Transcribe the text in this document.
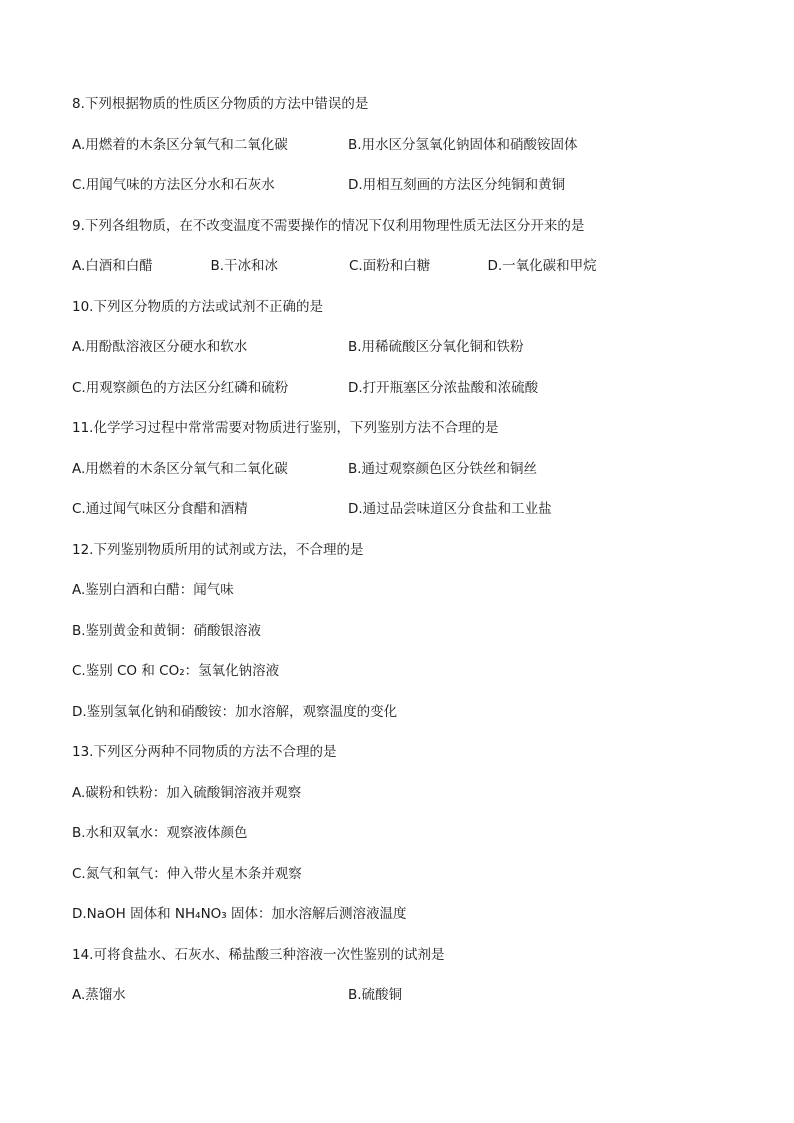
8.下列根据物质的性质区分物质的方法中错误的是
A.用燃着的木条区分氧气和二氧化碳	B.用水区分氢氧化钠固体和硝酸铵固体
C.用闻气味的方法区分水和石灰水	D.用相互刻画的方法区分纯铜和黄铜
9.下列各组物质，在不改变温度不需要操作的情况下仅利用物理性质无法区分开来的是
A.白酒和白醋	B.干冰和冰	C.面粉和白糖	D.一氧化碳和甲烷
10.下列区分物质的方法或试剂不正确的是
A.用酚酞溶液区分硬水和软水	B.用稀硫酸区分氧化铜和铁粉
C.用观察颜色的方法区分红磷和硫粉	D.打开瓶塞区分浓盐酸和浓硫酸
11.化学学习过程中常常需要对物质进行鉴别，下列鉴别方法不合理的是
A.用燃着的木条区分氧气和二氧化碳	B.通过观察颜色区分铁丝和铜丝
C.通过闻气味区分食醋和酒精	D.通过品尝味道区分食盐和工业盐
12.下列鉴别物质所用的试剂或方法，不合理的是
A.鉴别白酒和白醋：闻气味
B.鉴别黄金和黄铜：硝酸银溶液
C.鉴别 CO 和 CO₂：氢氧化钠溶液
D.鉴别氢氧化钠和硝酸铵：加水溶解，观察温度的变化
13.下列区分两种不同物质的方法不合理的是
A.碳粉和铁粉：加入硫酸铜溶液并观察
B.水和双氧水：观察液体颜色
C.氮气和氧气：伸入带火星木条并观察
D.NaOH 固体和 NH₄NO₃ 固体：加水溶解后测溶液温度
14.可将食盐水、石灰水、稀盐酸三种溶液一次性鉴别的试剂是
A.蒸馏水	B.硫酸铜
